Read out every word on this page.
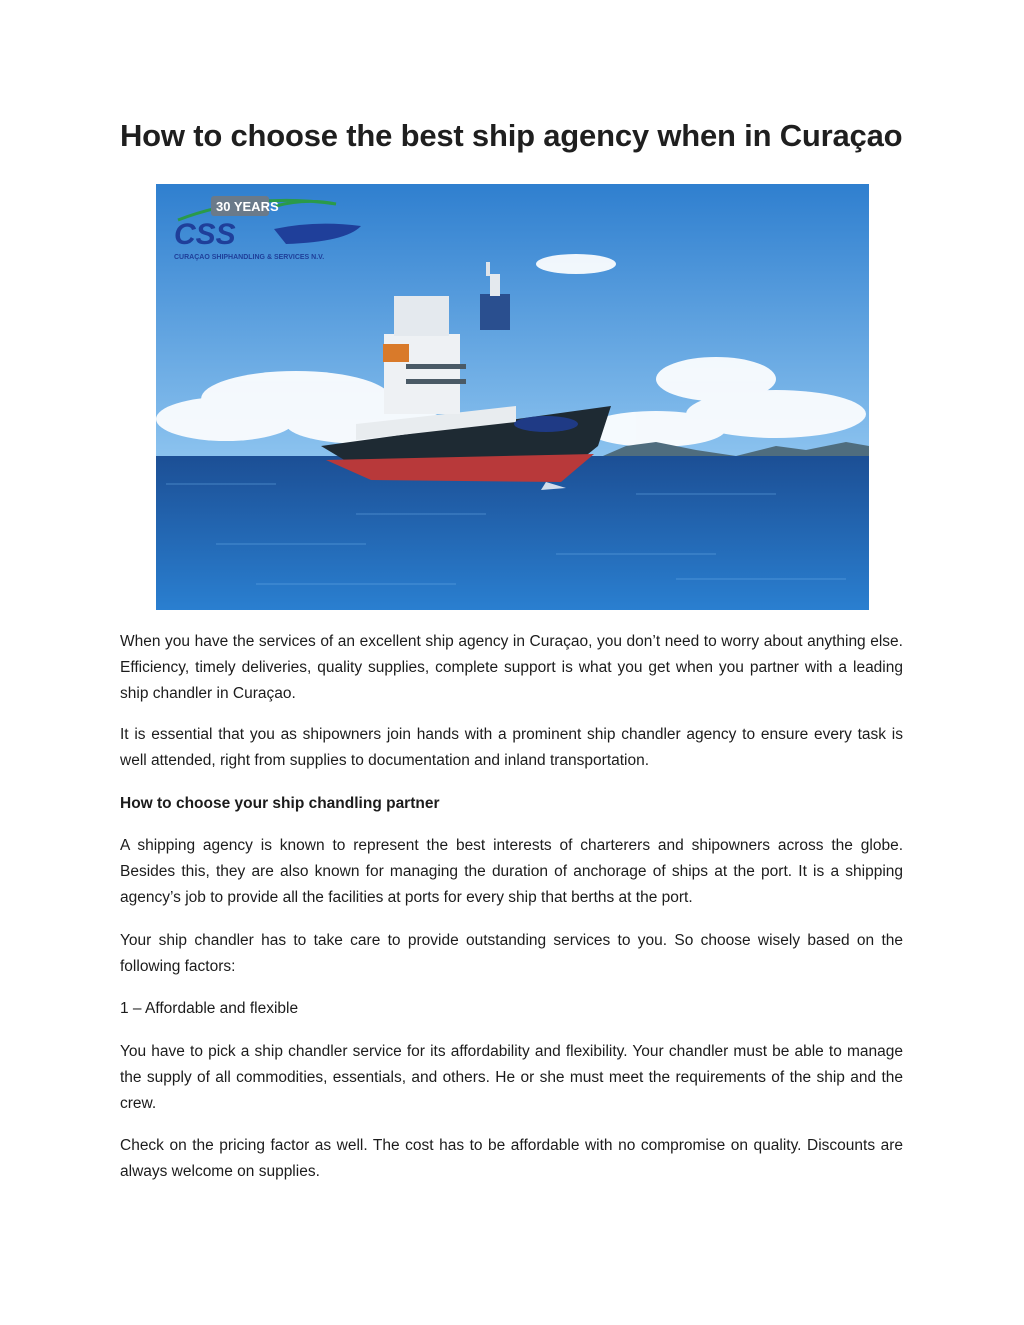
How to choose the best ship agency when in Curaçao
30 YEARS
CSS
CURAÇAO SHIPHANDLING & SERVICES N.V.

When you have the services of an excellent ship agency in Curaçao, you don’t need to worry about anything else. Efficiency, timely deliveries, quality supplies, complete support is what you get when you partner with a leading ship chandler in Curaçao.

It is essential that you as shipowners join hands with a prominent ship chandler agency to ensure every task is well attended, right from supplies to documentation and inland transportation.

How to choose your ship chandling partner

A shipping agency is known to represent the best interests of charterers and shipowners across the globe. Besides this, they are also known for managing the duration of anchorage of ships at the port. It is a shipping agency’s job to provide all the facilities at ports for every ship that berths at the port.

Your ship chandler has to take care to provide outstanding services to you. So choose wisely based on the following factors:

1 – Affordable and flexible

You have to pick a ship chandler service for its affordability and flexibility. Your chandler must be able to manage the supply of all commodities, essentials, and others. He or she must meet the requirements of the ship and the crew.

Check on the pricing factor as well. The cost has to be affordable with no compromise on quality. Discounts are always welcome on supplies.
